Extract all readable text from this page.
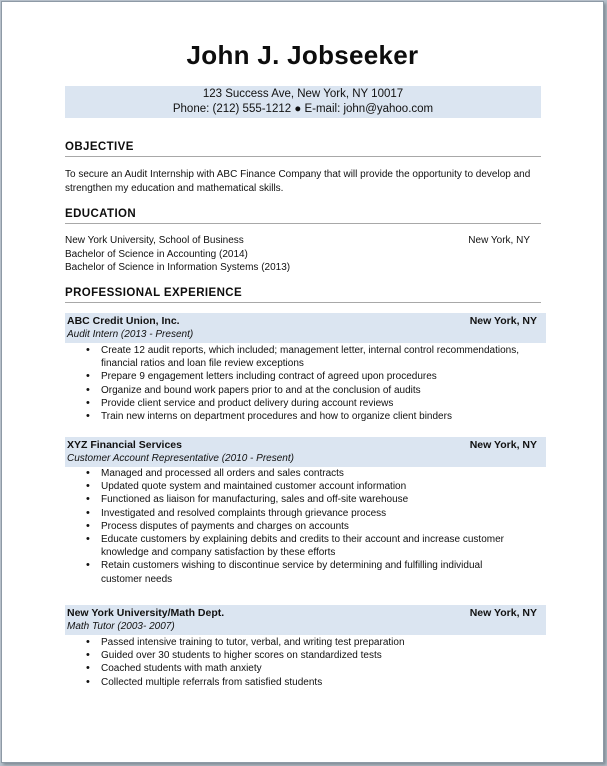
John J. Jobseeker
123 Success Ave, New York, NY 10017
Phone: (212) 555-1212 ● E-mail: john@yahoo.com
OBJECTIVE
To secure an Audit Internship with ABC Finance Company that will provide the opportunity to develop and strengthen my education and mathematical skills.
EDUCATION
New York University, School of Business	New York, NY
Bachelor of Science in Accounting (2014)
Bachelor of Science in Information Systems (2013)
PROFESSIONAL EXPERIENCE
ABC Credit Union, Inc.	New York, NY
Audit Intern (2013 - Present)
• Create 12 audit reports, which included; management letter, internal control recommendations, financial ratios and loan file review exceptions
• Prepare 9 engagement letters including contract of agreed upon procedures
• Organize and bound work papers prior to and at the conclusion of audits
• Provide client service and product delivery during account reviews
• Train new interns on department procedures and how to organize client binders
XYZ Financial Services	New York, NY
Customer Account Representative (2010 - Present)
• Managed and processed all orders and sales contracts
• Updated quote system and maintained customer account information
• Functioned as liaison for manufacturing, sales and off-site warehouse
• Investigated and resolved complaints through grievance process
• Process disputes of payments and charges on accounts
• Educate customers by explaining debits and credits to their account and increase customer knowledge and company satisfaction by these efforts
• Retain customers wishing to discontinue service by determining and fulfilling individual customer needs
New York University/Math Dept.	New York, NY
Math Tutor (2003- 2007)
• Passed intensive training to tutor, verbal, and writing test preparation
• Guided over 30 students to higher scores on standardized tests
• Coached students with math anxiety
• Collected multiple referrals from satisfied students
